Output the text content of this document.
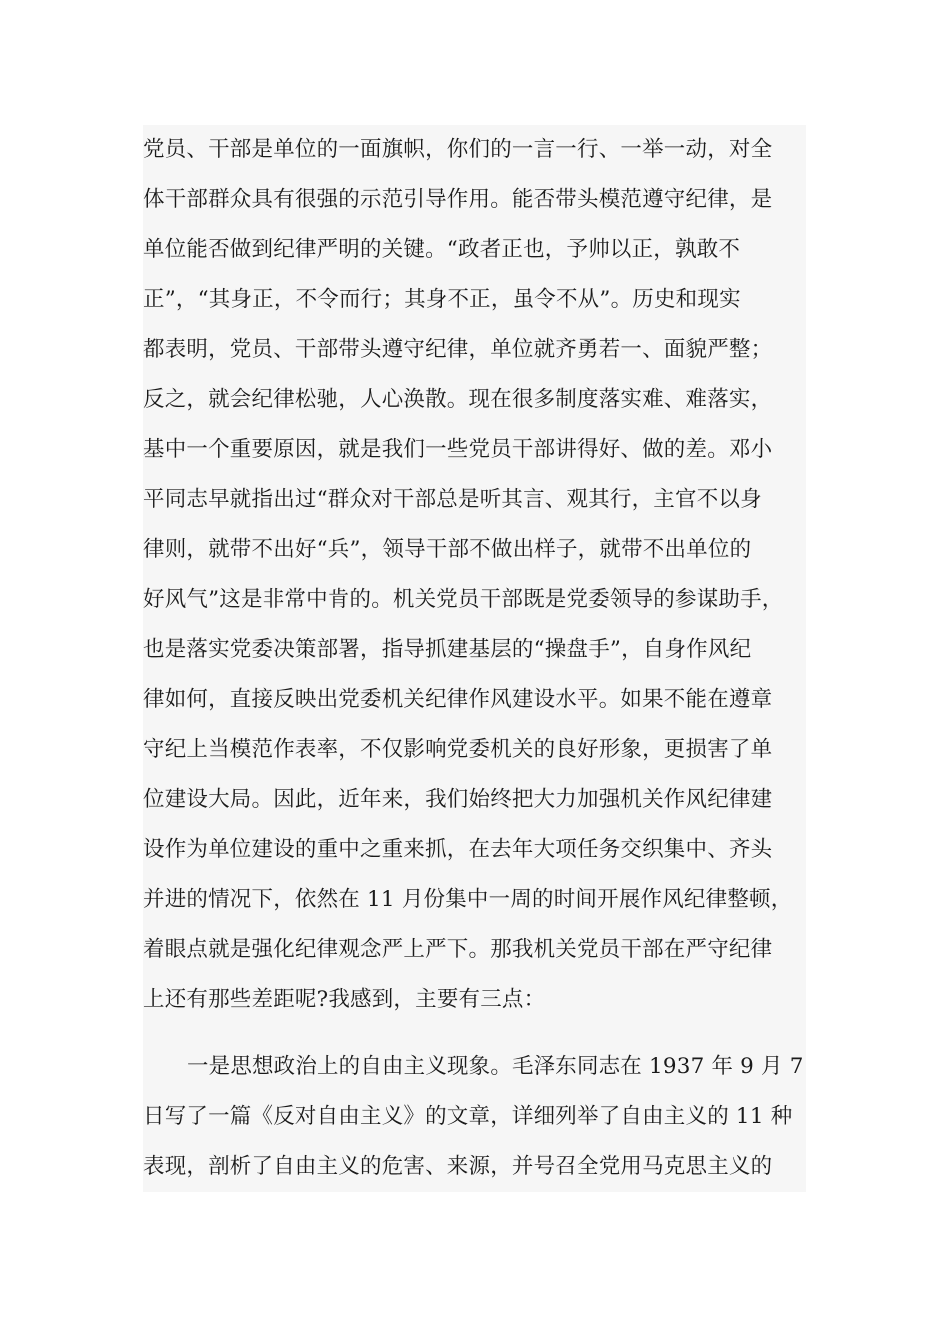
党员、干部是单位的一面旗帜，你们的一言一行、一举一动，对全
体干部群众具有很强的示范引导作用。能否带头模范遵守纪律，是
单位能否做到纪律严明的关键。“政者正也，予帅以正，孰敢不
正”，“其身正，不令而行；其身不正，虽令不从”。历史和现实
都表明，党员、干部带头遵守纪律，单位就齐勇若一、面貌严整；
反之，就会纪律松驰，人心涣散。现在很多制度落实难、难落实，
基中一个重要原因，就是我们一些党员干部讲得好、做的差。邓小
平同志早就指出过“群众对干部总是听其言、观其行，主官不以身
律则，就带不出好“兵”，领导干部不做出样子，就带不出单位的
好风气”这是非常中肯的。机关党员干部既是党委领导的参谋助手，
也是落实党委决策部署，指导抓建基层的“操盘手”，自身作风纪
律如何，直接反映出党委机关纪律作风建设水平。如果不能在遵章
守纪上当模范作表率，不仅影响党委机关的良好形象，更损害了单
位建设大局。因此，近年来，我们始终把大力加强机关作风纪律建
设作为单位建设的重中之重来抓，在去年大项任务交织集中、齐头
并进的情况下，依然在 11 月份集中一周的时间开展作风纪律整顿，
着眼点就是强化纪律观念严上严下。那我机关党员干部在严守纪律
上还有那些差距呢?我感到，主要有三点：
一是思想政治上的自由主义现象。毛泽东同志在 1937 年 9 月 7
日写了一篇《反对自由主义》的文章，详细列举了自由主义的 11 种
表现，剖析了自由主义的危害、来源，并号召全党用马克思主义的
